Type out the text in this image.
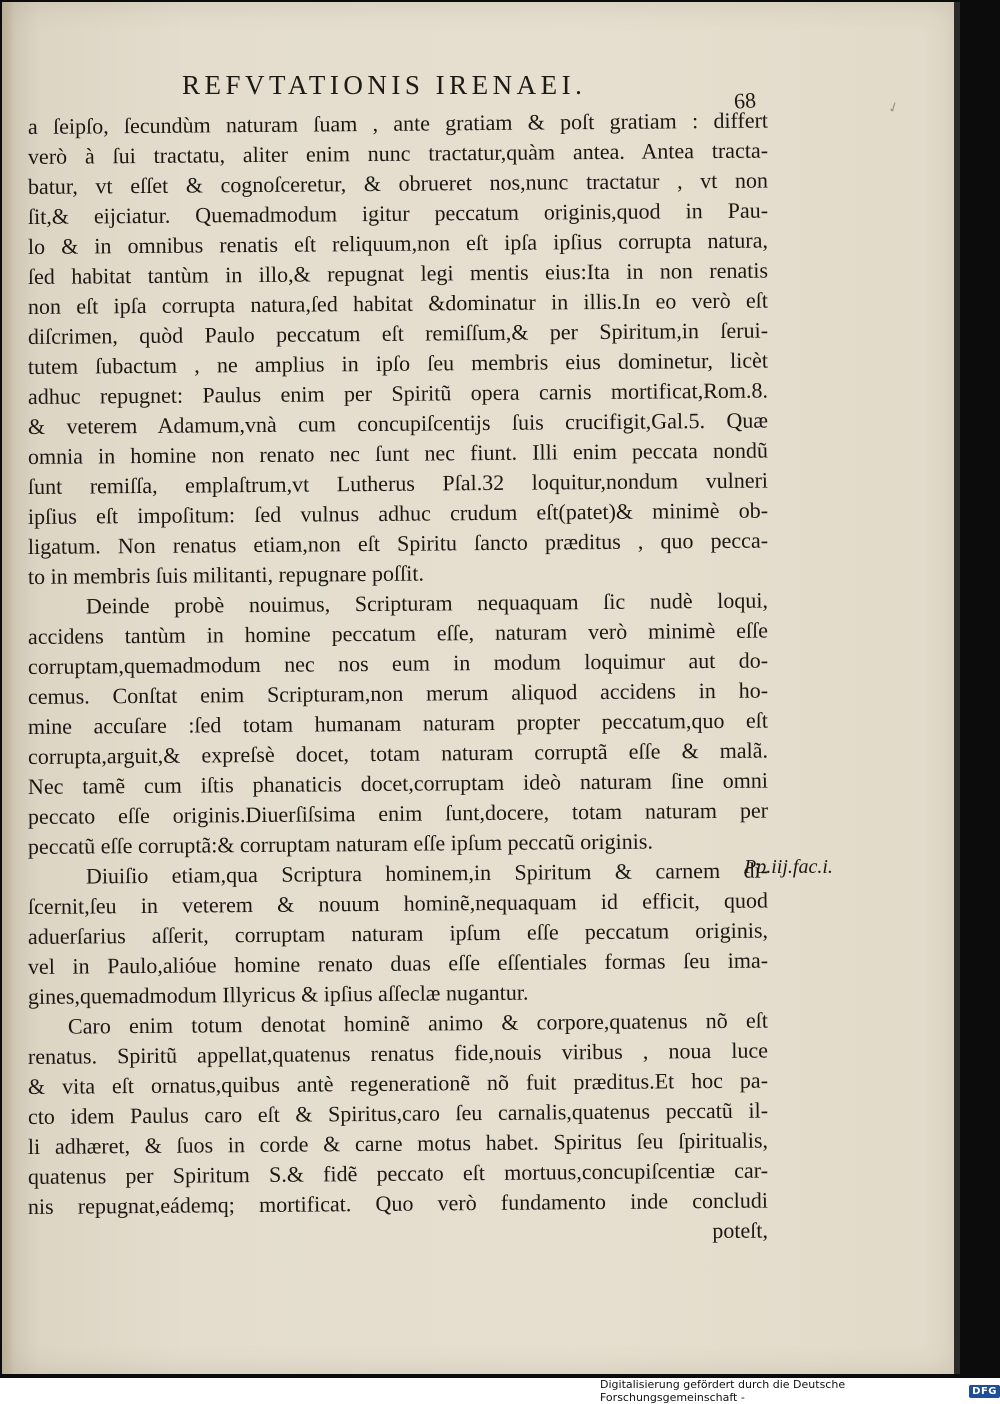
REFVTATIONIS IRENAEI.
68	✓
a ſeipſo, ſecundùm naturam ſuam , ante gratiam & poſt gratiam : differt
verò à ſui tractatu, aliter enim nunc tractatur,quàm antea. Antea tracta-
batur, vt eſſet & cognoſceretur, & obrueret nos,nunc tractatur , vt non
ſit,& eijciatur. Quemadmodum igitur peccatum originis,quod in Pau-
lo & in omnibus renatis eſt reliquum,non eſt ipſa ipſius corrupta natura,
ſed habitat tantùm in illo,& repugnat legi mentis eius:Ita in non renatis
non eſt ipſa corrupta natura,ſed habitat &dominatur in illis.In eo verò eſt
diſcrimen, quòd Paulo peccatum eſt remiſſum,& per Spiritum,in ſerui-
tutem ſubactum , ne amplius in ipſo ſeu membris eius dominetur, licèt
adhuc repugnet: Paulus enim per Spiritũ opera carnis mortificat,Rom.8.
& veterem Adamum,vnà cum concupiſcentijs ſuis crucifigit,Gal.5. Quæ
omnia in homine non renato nec ſunt nec fiunt. Illi enim peccata nondũ
ſunt remiſſa, emplaſtrum,vt Lutherus Pſal.32 loquitur,nondum vulneri
ipſius eſt impoſitum: ſed vulnus adhuc crudum eſt(patet)& minimè ob-
ligatum. Non renatus etiam,non eſt Spiritu ſancto præditus , quo pecca-
to in membris ſuis militanti, repugnare poſſit.
Deinde probè nouimus, Scripturam nequaquam ſic nudè loqui,
accidens tantùm in homine peccatum eſſe, naturam verò minimè eſſe
corruptam,quemadmodum nec nos eum in modum loquimur aut do-
cemus. Conſtat enim Scripturam,non merum aliquod accidens in ho-
mine accuſare :ſed totam humanam naturam propter peccatum,quo eſt
corrupta,arguit,& expreſsè docet, totam naturam corruptã eſſe & malã.
Nec tamẽ cum iſtis phanaticis docet,corruptam ideò naturam ſine omni
peccato eſſe originis.Diuerſiſsima enim ſunt,docere, totam naturam per
peccatũ eſſe corruptã:& corruptam naturam eſſe ipſum peccatũ originis.
Diuiſio etiam,qua Scriptura hominem,in Spiritum & carnem di-
ſcernit,ſeu in veterem & nouum hominẽ,nequaquam id efficit, quod
aduerſarius aſſerit, corruptam naturam ipſum eſſe peccatum originis,
vel in Paulo,alióue homine renato duas eſſe eſſentiales formas ſeu ima-
gines,quemadmodum Illyricus & ipſius aſſeclæ nugantur.
Caro enim totum denotat hominẽ animo & corpore,quatenus nõ eſt
renatus. Spiritũ appellat,quatenus renatus fide,nouis viribus , noua luce
& vita eſt ornatus,quibus antè regenerationẽ nõ fuit præditus.Et hoc pa-
cto idem Paulus caro eſt & Spiritus,caro ſeu carnalis,quatenus peccatũ il-
li adhæret, & ſuos in corde & carne motus habet. Spiritus ſeu ſpiritualis,
quatenus per Spiritum S.& fidẽ peccato eſt mortuus,concupiſcentiæ car-
nis repugnat,eádemq; mortificat. Quo verò fundamento inde concludi
poteſt,
Pp.iij.fac.i.
Digitalisierung gefördert durch die Deutsche Forschungsgemeinschaft -	DFG
